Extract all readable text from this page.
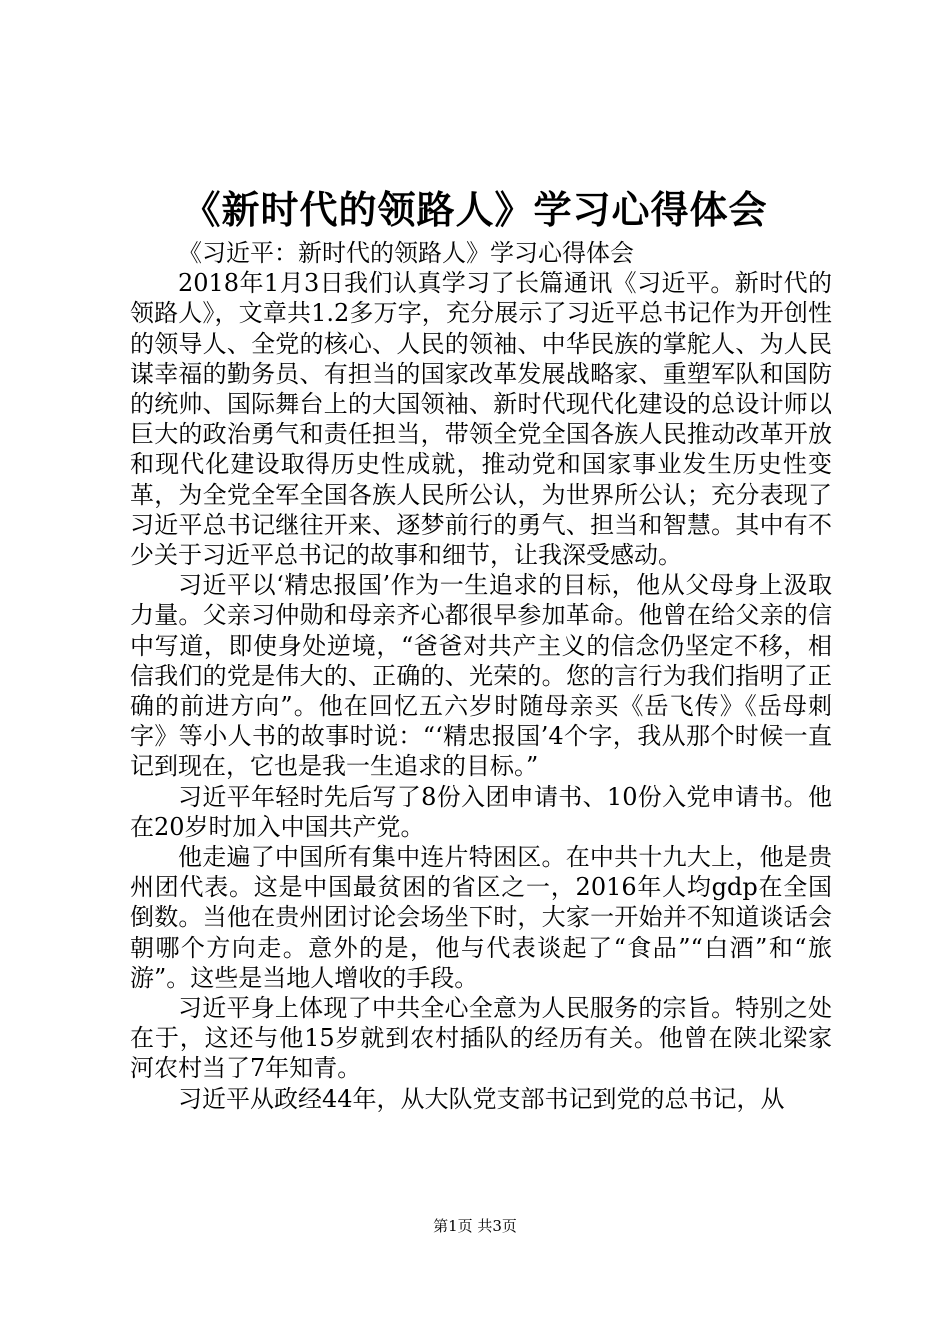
《新时代的领路人》学习心得体会

《习近平：新时代的领路人》学习心得体会

2018年1月3日我们认真学习了长篇通讯《习近平。新时代的领路人》，文章共1.2多万字，充分展示了习近平总书记作为开创性的领导人、全党的核心、人民的领袖、中华民族的掌舵人、为人民谋幸福的勤务员、有担当的国家改革发展战略家、重塑军队和国防的统帅、国际舞台上的大国领袖、新时代现代化建设的总设计师以巨大的政治勇气和责任担当，带领全党全国各族人民推动改革开放和现代化建设取得历史性成就，推动党和国家事业发生历史性变革，为全党全军全国各族人民所公认，为世界所公认；充分表现了习近平总书记继往开来、逐梦前行的勇气、担当和智慧。其中有不少关于习近平总书记的故事和细节，让我深受感动。

习近平以‘精忠报国’作为一生追求的目标，他从父母身上汲取力量。父亲习仲勋和母亲齐心都很早参加革命。他曾在给父亲的信中写道，即使身处逆境，“爸爸对共产主义的信念仍坚定不移，相信我们的党是伟大的、正确的、光荣的。您的言行为我们指明了正确的前进方向”。他在回忆五六岁时随母亲买《岳飞传》《岳母刺字》等小人书的故事时说：“‘精忠报国’4个字，我从那个时候一直记到现在，它也是我一生追求的目标。”

习近平年轻时先后写了8份入团申请书、10份入党申请书。他在20岁时加入中国共产党。

他走遍了中国所有集中连片特困区。在中共十九大上，他是贵州团代表。这是中国最贫困的省区之一，2016年人均gdp在全国倒数。当他在贵州团讨论会场坐下时，大家一开始并不知道谈话会朝哪个方向走。意外的是，他与代表谈起了“食品”“白酒”和“旅游”。这些是当地人增收的手段。

习近平身上体现了中共全心全意为人民服务的宗旨。特别之处在于，这还与他15岁就到农村插队的经历有关。他曾在陕北梁家河农村当了7年知青。

习近平从政经44年，从大队党支部书记到党的总书记，从

第1页 共3页
